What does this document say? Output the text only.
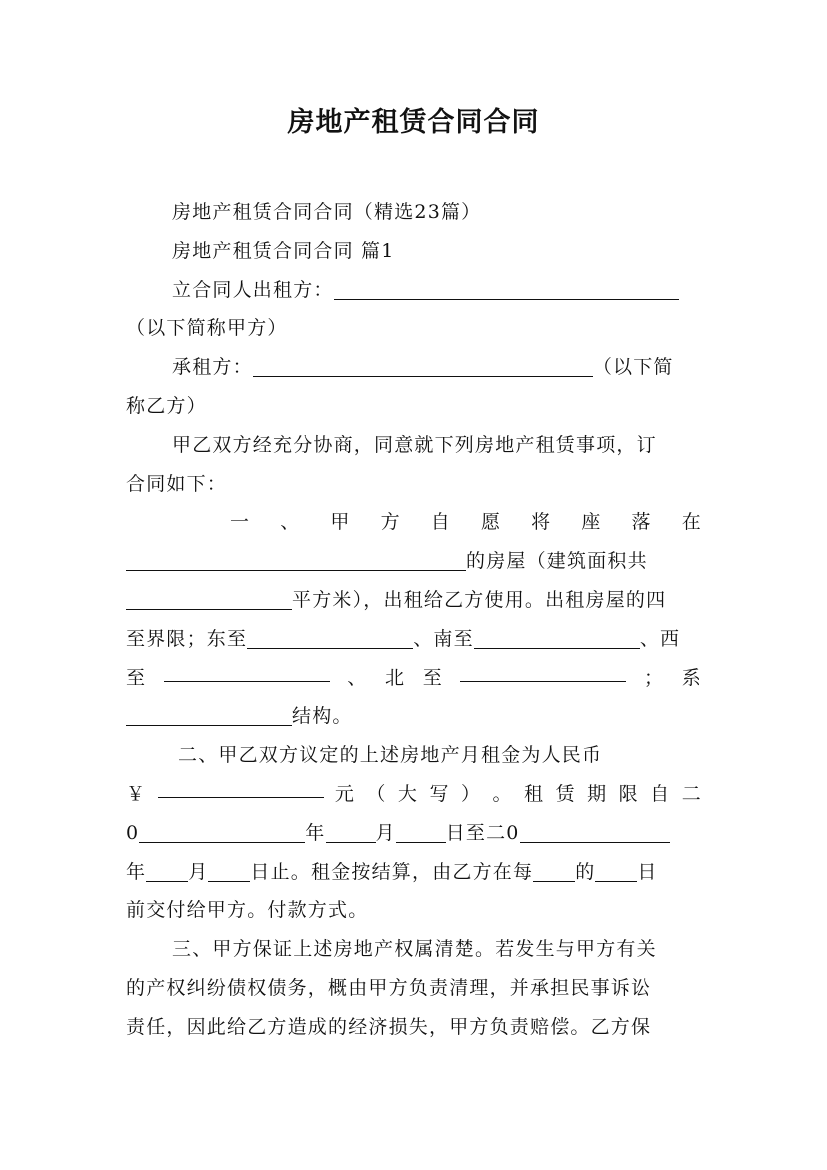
房地产租赁合同合同
房地产租赁合同合同（精选23篇）
房地产租赁合同合同 篇1
立合同人出租方：
（以下简称甲方）
承租方：	（以下简
称乙方）
甲乙双方经充分协商，同意就下列房地产租赁事项，订
合同如下：
一 、 甲 方 自 愿 将 座 落 在
的房屋（建筑面积共
平方米），出租给乙方使用。出租房屋的四
至界限；东至	、南至	、西
至	、 北 至	； 系
结构。
二、甲乙双方议定的上述房地产月租金为人民币
￥	元 （ 大 写 ） 。 租 赁 期 限 自 二
0	年	月	日至二0
年 月 日止。租金按结算，由乙方在每 的 日
前交付给甲方。付款方式。
三、甲方保证上述房地产权属清楚。若发生与甲方有关
的产权纠纷债权债务，概由甲方负责清理，并承担民事诉讼
责任，因此给乙方造成的经济损失，甲方负责赔偿。乙方保
